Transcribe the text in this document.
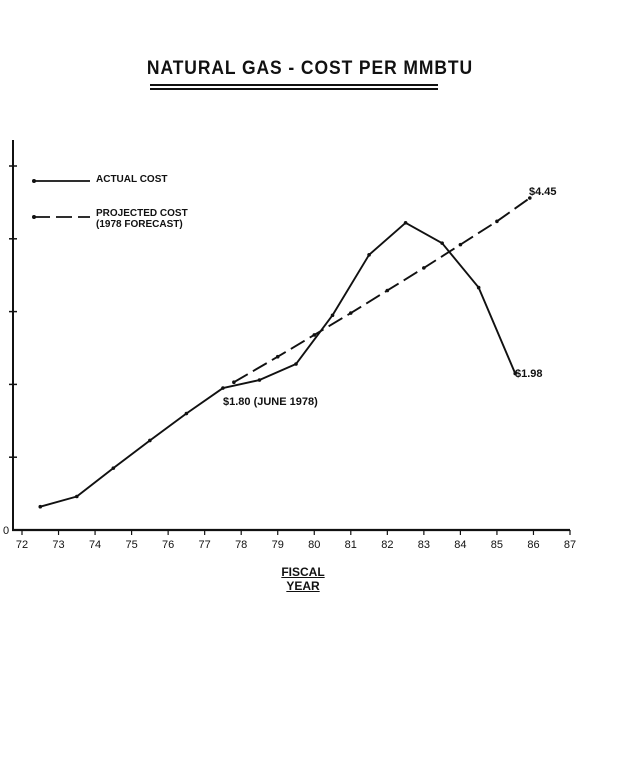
72 73 74 75 76 77 78 79 80 81 82 83 84 85 86 87
0
NATURAL GAS - COST PER MMBTU
FISCAL YEAR
ACTUAL COST
PROJECTED COST
(1978 FORECAST)
$1.80 (JUNE 1978)
$4.45
$1.98
